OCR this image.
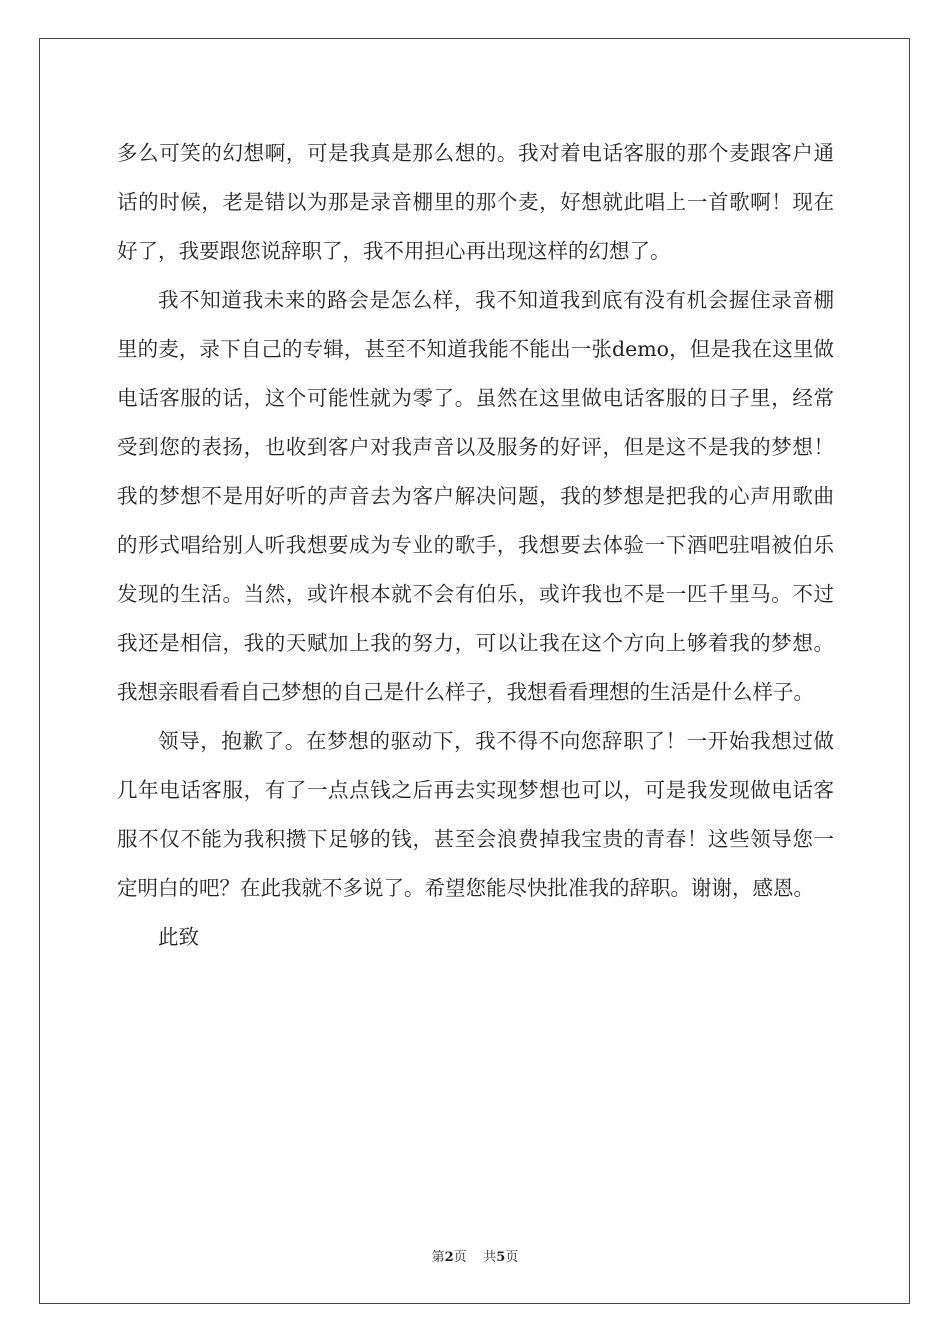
多么可笑的幻想啊，可是我真是那么想的。我对着电话客服的那个麦跟客户通话的时候，老是错以为那是录音棚里的那个麦，好想就此唱上一首歌啊！现在好了，我要跟您说辞职了，我不用担心再出现这样的幻想了。

我不知道我未来的路会是怎么样，我不知道我到底有没有机会握住录音棚里的麦，录下自己的专辑，甚至不知道我能不能出一张demo，但是我在这里做电话客服的话，这个可能性就为零了。虽然在这里做电话客服的日子里，经常受到您的表扬，也收到客户对我声音以及服务的好评，但是这不是我的梦想！我的梦想不是用好听的声音去为客户解决问题，我的梦想是把我的心声用歌曲的形式唱给别人听我想要成为专业的歌手，我想要去体验一下酒吧驻唱被伯乐发现的生活。当然，或许根本就不会有伯乐，或许我也不是一匹千里马。不过我还是相信，我的天赋加上我的努力，可以让我在这个方向上够着我的梦想。我想亲眼看看自己梦想的自己是什么样子，我想看看理想的生活是什么样子。

领导，抱歉了。在梦想的驱动下，我不得不向您辞职了！一开始我想过做几年电话客服，有了一点点钱之后再去实现梦想也可以，可是我发现做电话客服不仅不能为我积攒下足够的钱，甚至会浪费掉我宝贵的青春！这些领导您一定明白的吧？在此我就不多说了。希望您能尽快批准我的辞职。谢谢，感恩。

此致

第2页 共5页
